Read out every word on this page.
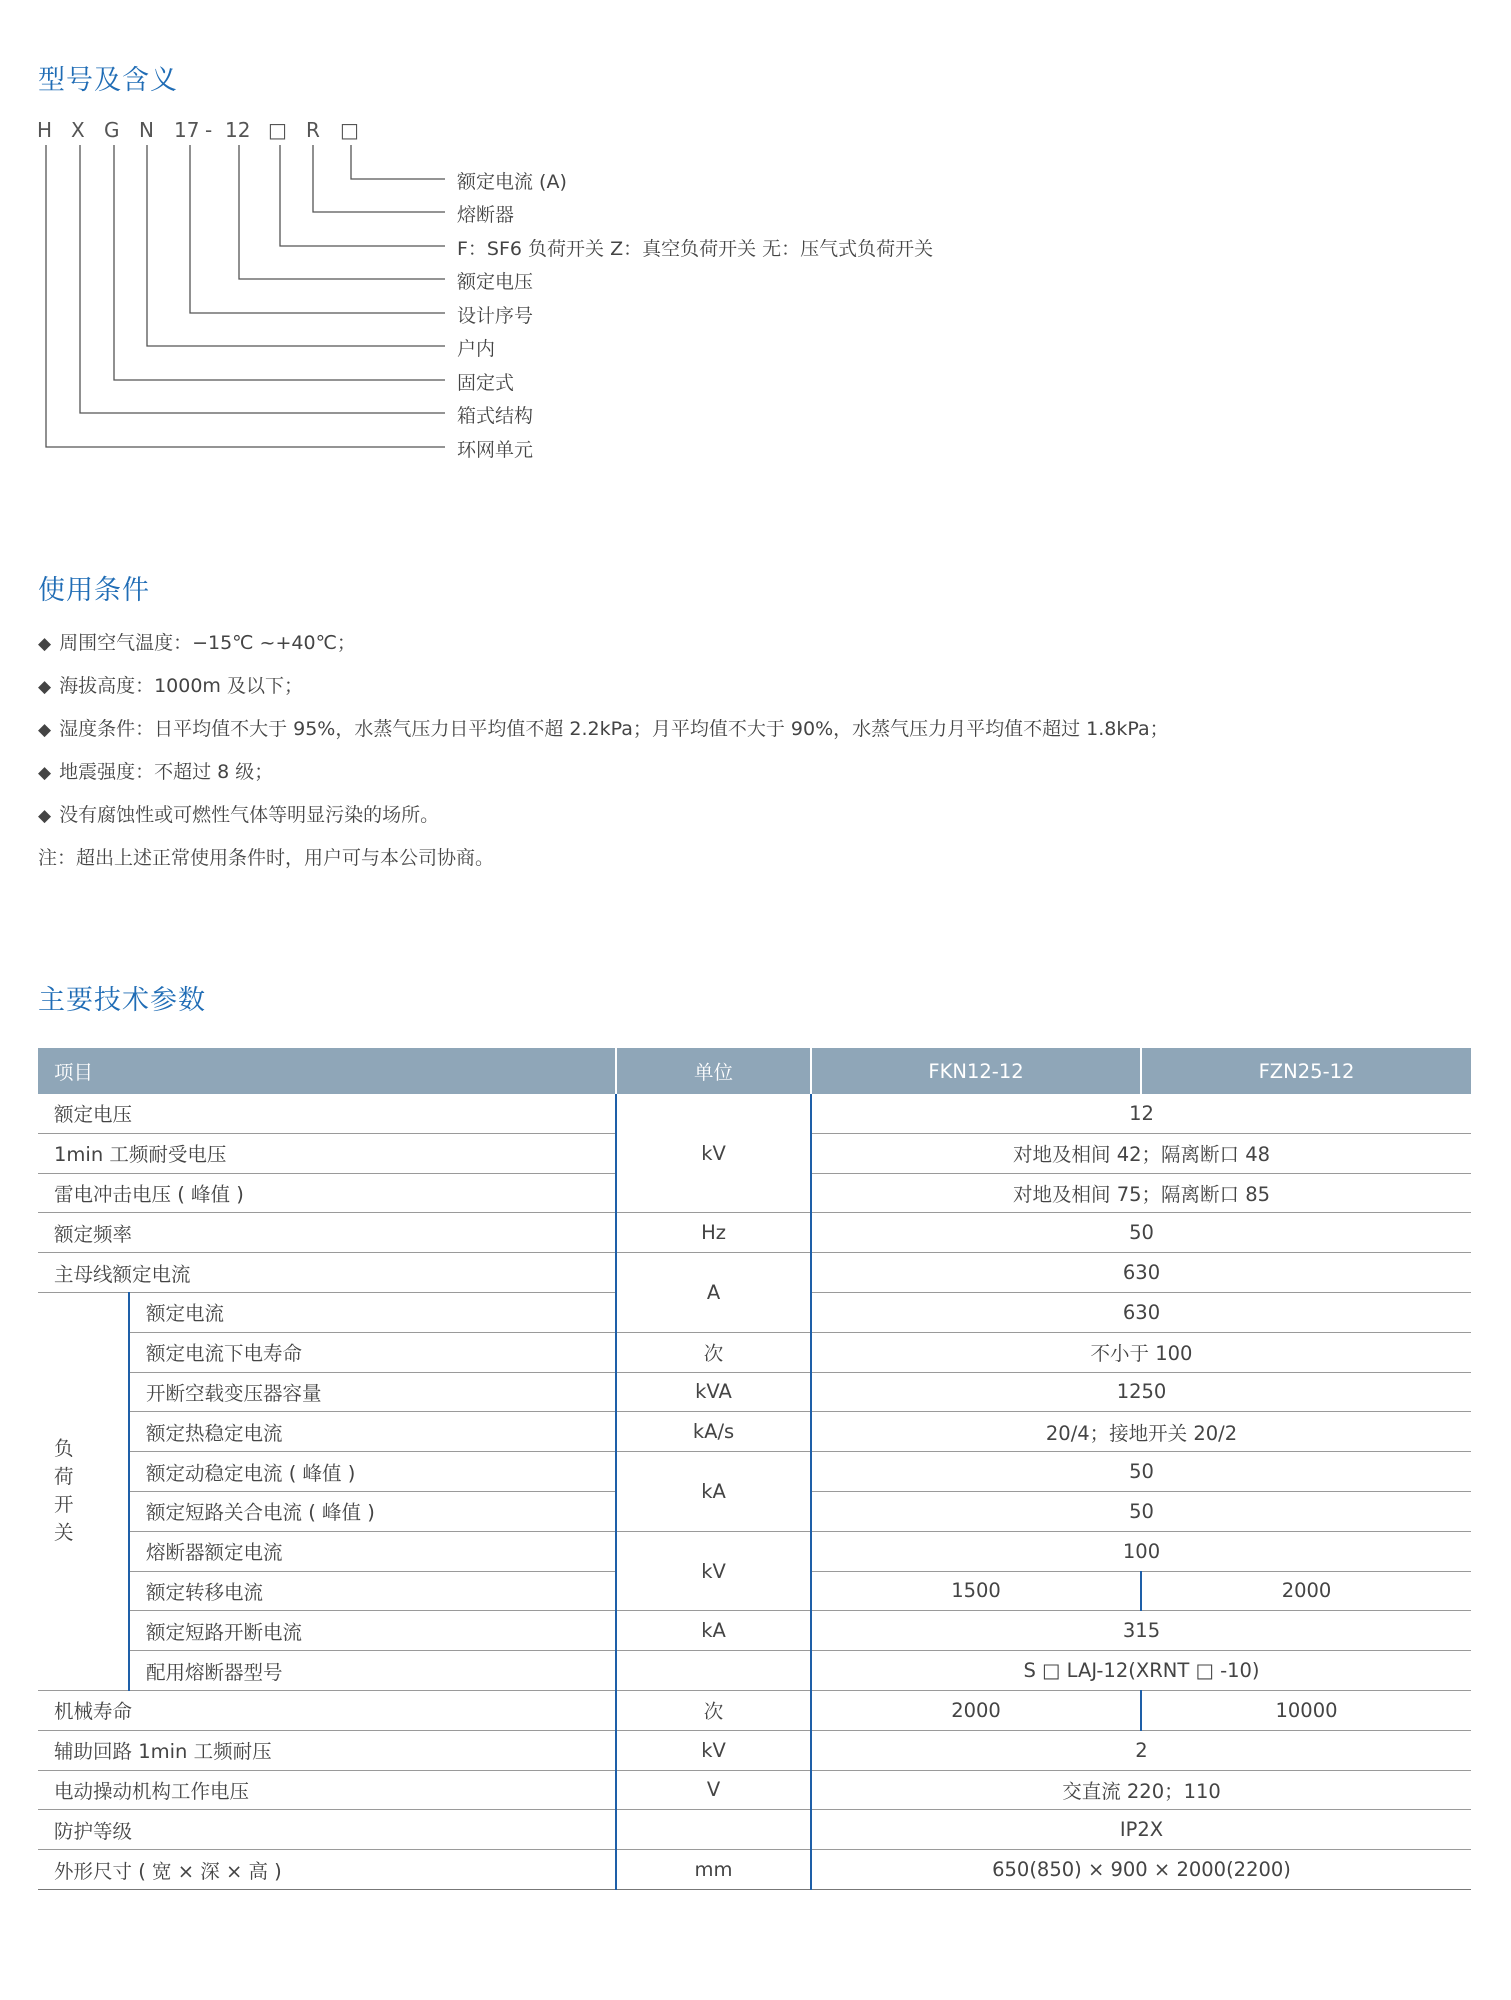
型号及含义
H X G N 17 - 12 □ R □
额定电流 (A)
熔断器
F：SF6 负荷开关 Z：真空负荷开关 无：压气式负荷开关
额定电压
设计序号
户内
固定式
箱式结构
环网单元
使用条件
◆ 周围空气温度：−15℃ ~+40℃；
◆ 海拔高度：1000m 及以下；
◆ 湿度条件：日平均值不大于 95%，水蒸气压力日平均值不超 2.2kPa；月平均值不大于 90%，水蒸气压力月平均值不超过 1.8kPa；
◆ 地震强度：不超过 8 级；
◆ 没有腐蚀性或可燃性气体等明显污染的场所。
注：超出上述正常使用条件时，用户可与本公司协商。
主要技术参数
项目		单位	FKN12-12	FZN25-12
额定电压		kV	12	
1min 工频耐受电压			对地及相间 42；隔离断口 48	
雷电冲击电压 ( 峰值 )			对地及相间 75；隔离断口 85	
额定频率		Hz	50	
主母线额定电流		A	630	
负
荷
开
关	额定电流		630	
	额定电流下电寿命	次	不小于 100	
	开断空载变压器容量	kVA	1250	
	额定热稳定电流	kA/s	20/4；接地开关 20/2	
	额定动稳定电流 ( 峰值 )	kA	50	
	额定短路关合电流 ( 峰值 )		50	
	熔断器额定电流	kV	100	
	额定转移电流		1500	2000
	额定短路开断电流	kA	315	
	配用熔断器型号		S □ LAJ-12(XRNT □ -10)	
机械寿命		次	2000	10000
辅助回路 1min 工频耐压		kV	2	
电动操动机构工作电压		V	交直流 220；110	
防护等级			IP2X	
外形尺寸 ( 宽 × 深 × 高 )		mm	650(850) × 900 × 2000(2200)	
